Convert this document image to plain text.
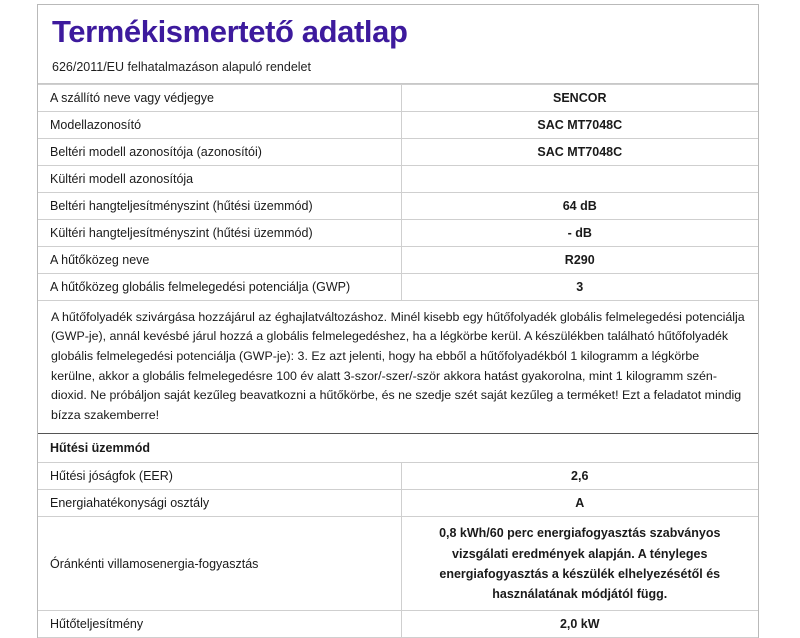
Termékismertető adatlap
626/2011/EU felhatalmazáson alapuló rendelet
A szállító neve vagy védjegye	SENCOR
Modellazonosító	SAC MT7048C
Beltéri modell azonosítója (azonosítói)	SAC MT7048C
Kültéri modell azonosítója	
Beltéri hangteljesítményszint (hűtési üzemmód)	64 dB
Kültéri hangteljesítményszint (hűtési üzemmód)	- dB
A hűtőközeg neve	R290
A hűtőközeg globális felmelegedési potenciálja (GWP)	3
A hűtőfolyadék szivárgása hozzájárul az éghajlatváltozáshoz. Minél kisebb egy hűtőfolyadék globális felmelegedési potenciálja (GWP-je), annál kevésbé járul hozzá a globális felmelegedéshez, ha a légkörbe kerül. A készülékben található hűtőfolyadék globális felmelegedési potenciálja (GWP-je): 3. Ez azt jelenti, hogy ha ebből a hűtőfolyadékból 1 kilogramm a légkörbe kerülne, akkor a globális felmelegedésre 100 év alatt 3-szor/-szer/-ször akkora hatást gyakorolna, mint 1 kilogramm szén-dioxid. Ne próbáljon saját kezűleg beavatkozni a hűtőkörbe, és ne szedje szét saját kezűleg a terméket! Ezt a feladatot mindig bízza szakemberre!	
Hűtési üzemmód	
Hűtési jóságfok (EER)	2,6
Energiahatékonysági osztály	A
Óránkénti villamosenergia-fogyasztás	0,8 kWh/60 perc energiafogyasztás szabványos vizsgálati eredmények alapján. A tényleges energiafogyasztás a készülék elhelyezésétől és használatának módjától függ.
Hűtőteljesítmény	2,0 kW
